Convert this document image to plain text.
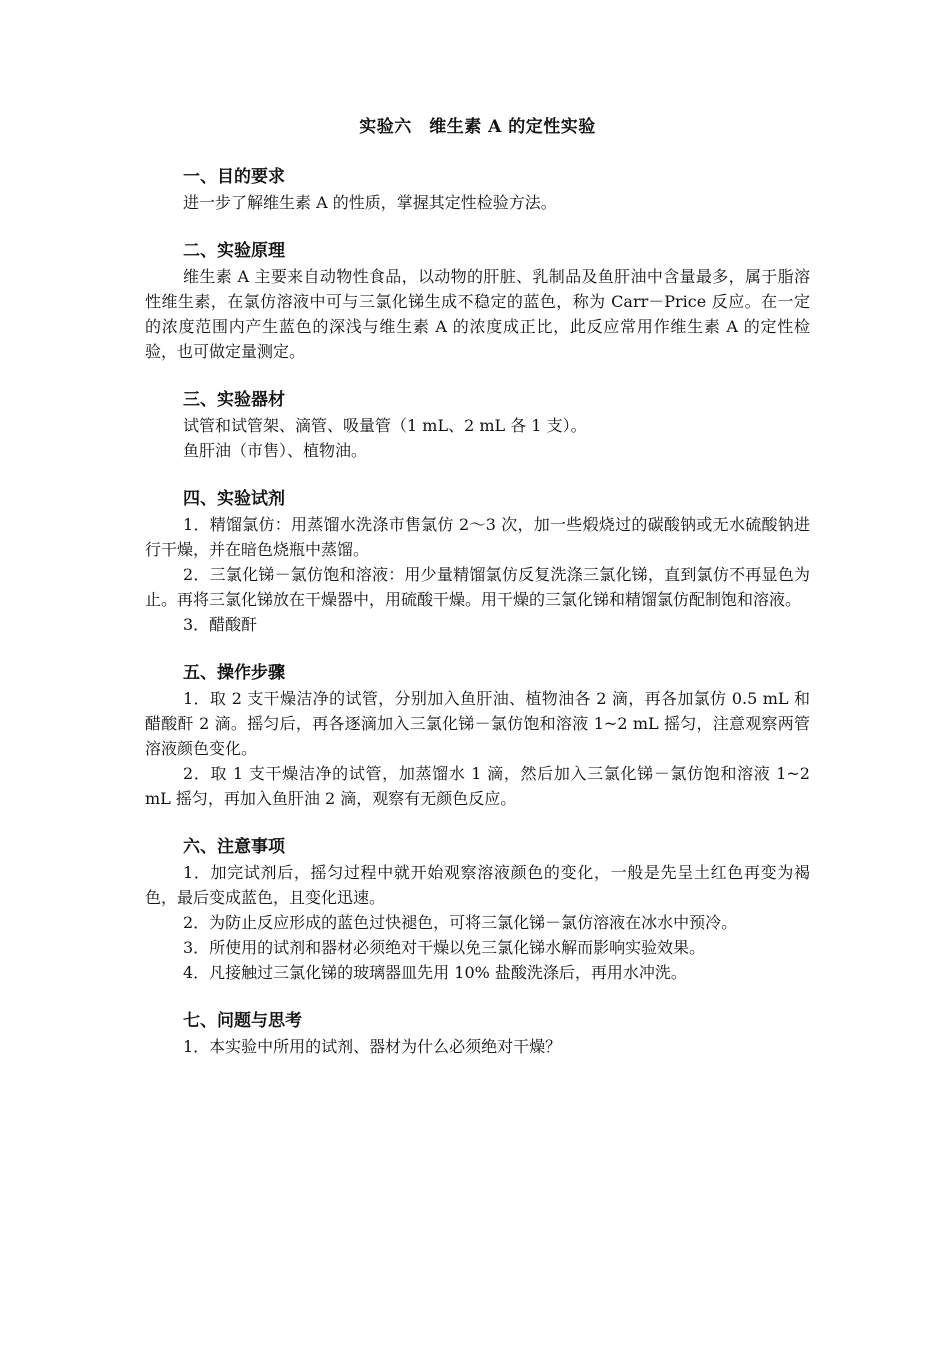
实验六　维生素 A 的定性实验
一、目的要求

进一步了解维生素 A 的性质，掌握其定性检验方法。

二、实验原理

维生素 A 主要来自动物性食品，以动物的肝脏、乳制品及鱼肝油中含量最多，属于脂溶性维生素，在氯仿溶液中可与三氯化锑生成不稳定的蓝色，称为 Carr－Price 反应。在一定的浓度范围内产生蓝色的深浅与维生素 A 的浓度成正比，此反应常用作维生素 A 的定性检验，也可做定量测定。

三、实验器材

试管和试管架、滴管、吸量管（1 mL、2 mL 各 1 支）。

鱼肝油（市售）、植物油。

四、实验试剂

1．精馏氯仿：用蒸馏水洗涤市售氯仿 2～3 次，加一些煅烧过的碳酸钠或无水硫酸钠进行干燥，并在暗色烧瓶中蒸馏。

2．三氯化锑－氯仿饱和溶液：用少量精馏氯仿反复洗涤三氯化锑，直到氯仿不再显色为止。再将三氯化锑放在干燥器中，用硫酸干燥。用干燥的三氯化锑和精馏氯仿配制饱和溶液。

3．醋酸酐

五、操作步骤

1．取 2 支干燥洁净的试管，分别加入鱼肝油、植物油各 2 滴，再各加氯仿 0.5 mL 和醋酸酐 2 滴。摇匀后，再各逐滴加入三氯化锑－氯仿饱和溶液 1~2 mL 摇匀，注意观察两管溶液颜色变化。

2．取 1 支干燥洁净的试管，加蒸馏水 1 滴，然后加入三氯化锑－氯仿饱和溶液 1~2 mL 摇匀，再加入鱼肝油 2 滴，观察有无颜色反应。

六、注意事项

1．加完试剂后，摇匀过程中就开始观察溶液颜色的变化，一般是先呈土红色再变为褐色，最后变成蓝色，且变化迅速。

2．为防止反应形成的蓝色过快褪色，可将三氯化锑－氯仿溶液在冰水中预冷。

3．所使用的试剂和器材必须绝对干燥以免三氯化锑水解而影响实验效果。

4．凡接触过三氯化锑的玻璃器皿先用 10% 盐酸洗涤后，再用水冲洗。

七、问题与思考

1．本实验中所用的试剂、器材为什么必须绝对干燥？
